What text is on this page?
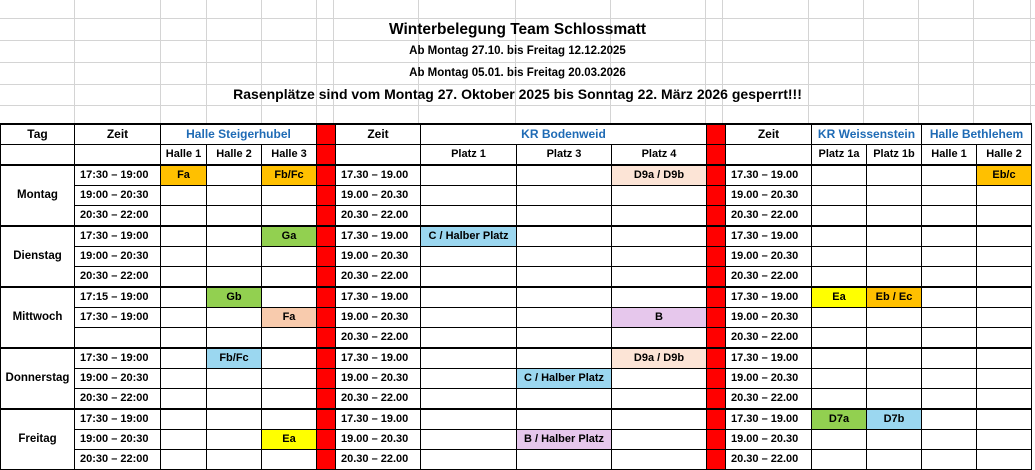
Winterbelegung Team Schlossmatt
Ab Montag 27.10. bis Freitag 12.12.2025
Ab Montag 05.01. bis Freitag 20.03.2026
Rasenplätze sind vom Montag 27. Oktober 2025 bis Sonntag 22. März 2026 gesperrt!!!
Tag	Zeit	Halle Steigerhubel				Zeit	KR Bodenweid				Zeit	KR Weissenstein		Halle Bethlehem	
		Halle 1	Halle 2	Halle 3			Platz 1	Platz 3	Platz 4			Platz 1a	Platz 1b	Halle 1	Halle 2
Montag	17:30 – 19:00	Fa		Fb/Fc		17.30 – 19.00			D9a / D9b		17.30 – 19.00				Eb/c
	19:00 – 20:30					19.00 – 20.30					19.00 – 20.30				
	20:30 – 22:00					20.30 – 22.00					20.30 – 22.00				
Dienstag	17:30 – 19:00			Ga		17.30 – 19.00	C / Halber Platz				17.30 – 19.00				
	19:00 – 20:30					19.00 – 20.30					19.00 – 20.30				
	20:30 – 22:00					20.30 – 22.00					20.30 – 22.00				
Mittwoch	17:15 – 19:00		Gb			17.30 – 19.00					17.30 – 19.00	Ea	Eb / Ec		
	17:30 – 19:00			Fa		19.00 – 20.30			B		19.00 – 20.30				
						20.30 – 22.00					20.30 – 22.00				
Donnerstag	17:30 – 19:00		Fb/Fc			17.30 – 19.00			D9a / D9b		17.30 – 19.00				
	19:00 – 20:30					19.00 – 20.30		C / Halber Platz			19.00 – 20.30				
	20:30 – 22:00					20.30 – 22.00					20.30 – 22.00				
Freitag	17:30 – 19:00					17.30 – 19.00					17.30 – 19.00	D7a	D7b		
	19:00 – 20:30			Ea		19.00 – 20.30		B / Halber Platz			19.00 – 20.30				
	20:30 – 22:00					20.30 – 22.00					20.30 – 22.00				
